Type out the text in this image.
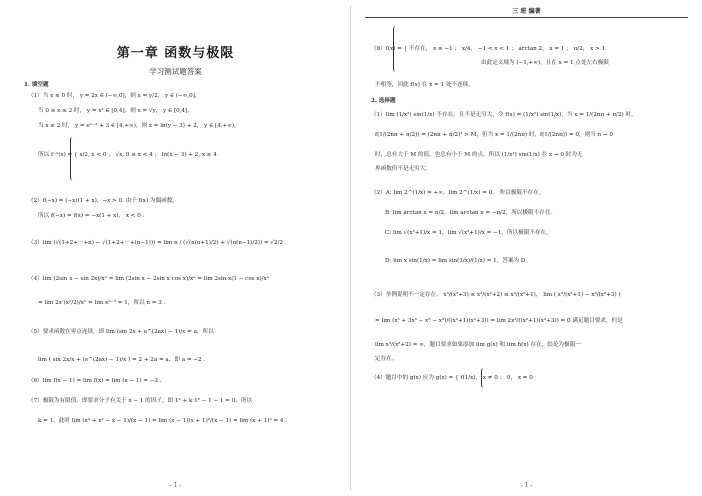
第一章 函数与极限
学习测试题答案
1. 填空题
（1）当 x ≤ 0 时， y = 2x ∈ (−∞,0]，则 x = y/2， y ∈ (−∞,0]，
当 0 ≤ x ≤ 2 时， y = x² ∈ [0,4]；则 x = √y， y ∈ [0,4]，
当 x ≥ 2 时， y = eˣ⁻² + 3 ∈ [4,+∞)，则 x = ln(y − 3) + 2， y ∈ [4,+∞)，
所以 f⁻¹(x) = { x/2, x < 0 ； √x, 0 ≤ x < 4 ； ln(x − 3) + 2, x ≥ 4
（2）f(−x) = (−x)(1 + x)，−x > 0. 由于 f(x) 为偶函数，
所以 f(−x) = f(x) = −x(1 + x)， x < 0 .
（3）lim (√(1+2+⋯+n) − √(1+2+⋯+(n−1))) = lim n / (√(n(n+1)/2) + √(n(n−1)/2)) = √2/2 .
（4）lim (2sin x − sin 2x)/xⁿ = lim (2sin x − 2sin x cos x)/xⁿ = lim 2sin x(1 − cos x)/xⁿ
= lim 2x·(x²/2)/xⁿ = lim xⁿ⁻³ = 1，所以 n = 3 .
（5）要求函数在零点连续，即 lim (sin 2x + e^(2ax) − 1)/x = a，所以
lim ( sin 2x/x + (e^(2ax) − 1)/x ) = 2 + 2a = a，即 a = −2 .
（6）lim f(x − 1) = lim f(x) = lim (x − 1) = −2 .
（7）极限为有限值，即要求分子有关于 x − 1 的因子，即 1² + k·1² − 1 − 1 = 0，所以
k = 1，此时 lim (x³ + x² − x − 1)/(x − 1) = lim (x − 1)(x + 1)²/(x − 1) = lim (x + 1)² = 4 .
- 1 -
三 班 编著
（8）f(x) = { 不存在， x ≤ −1 ； x/4， −1 < x < 1 ； arctan 2， x = 1 ； π/2， x > 1
由此定义域为 (−1,+∞)，且在 x = 1 点处左右极限
不相等，因此 f(x) 在 x = 1 处不连续。
2. 选择题
（1）lim (1/x²) sin(1/x) 不存在，且不是无穷大，令 f(x) = (1/x²) sin(1/x)，当 x = 1/(2nπ + π/2) 时，
f(1/(2nπ + π/2)) = (2nπ + π/2)² > M，但当 x = 1/(2nπ) 时，f(1/(2nπ)) = 0，则当 n → 0
时，总有大于 M 的值，也总有小于 M 的点，所以 (1/x²) sin(1/x) 在 x → 0 时为无
界函数但不是无穷大。
（2）A: lim 2^(1/x) = +∞，lim 2^(1/x) = 0， 所以极限不存在。
B: lim arctan x = π/2，lim arctan x = −π/2，所以极限不存在。
C: lim √(x²+1)/x = 1，lim √(x²+1)/x = −1，所以极限不存在。
D: lim x sin(1/x) = lim sin(1/x)/(1/x) = 1，答案为 D。
（3）举例说明不一定存在， x³/(x²+3) ≤ x³/(x²+2) ≤ x³/(x²+1)， lim ( x³/(x²+1) − x³/(x²+3) )
= lim (x⁵ + 3x³ − x⁵ − x³)/((x²+1)(x²+3)) = lim 2x³/((x²+1)(x²+3)) = 0 满足题目要求，但是
lim x³/(x²+2) = ∞，题目要求如果添加 lim g(x) 和 lim h(x) 存在，结论为极限一
定存在。
（4）题目中的 g(x) 应为 g(x) = { f(1/x)， x ≠ 0 ； 0， x = 0
- 1 -
